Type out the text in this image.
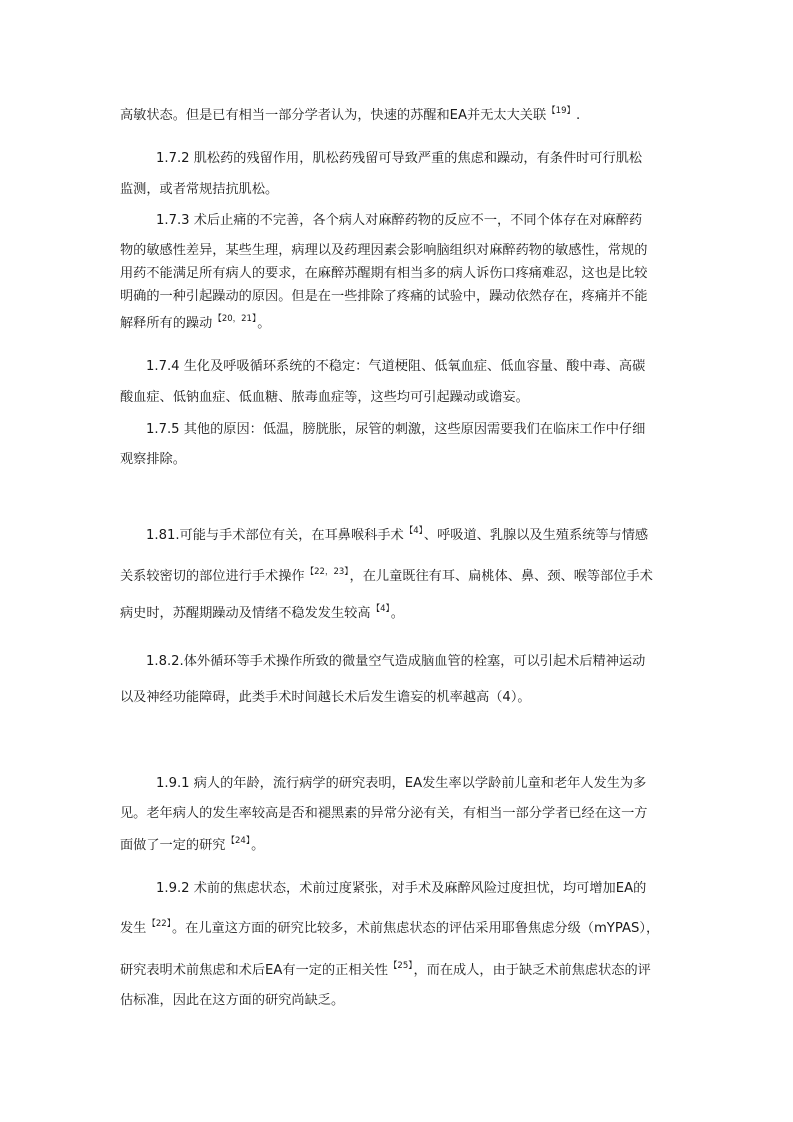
高敏状态。但是已有相当一部分学者认为，快速的苏醒和EA并无太大关联$^{【19】}$.

1.7.2 肌松药的残留作用，肌松药残留可导致严重的焦虑和躁动，有条件时可行肌松

监测，或者常规拮抗肌松。

1.7.3 术后止痛的不完善，各个病人对麻醉药物的反应不一，不同个体存在对麻醉药

物的敏感性差异，某些生理，病理以及药理因素会影响脑组织对麻醉药物的敏感性，常规的

用药不能满足所有病人的要求，在麻醉苏醒期有相当多的病人诉伤口疼痛难忍，这也是比较

明确的一种引起躁动的原因。但是在一些排除了疼痛的试验中，躁动依然存在，疼痛并不能

解释所有的躁动$^{【20,21】}$。

1.7.4 生化及呼吸循环系统的不稳定：气道梗阻、低氧血症、低血容量、酸中毒、高碳

酸血症、低钠血症、低血糖、脓毒血症等，这些均可引起躁动或谵妄。

1.7.5 其他的原因：低温，膀胱胀，尿管的刺激，这些原因需要我们在临床工作中仔细

观察排除。

1.81.可能与手术部位有关，在耳鼻喉科手术$^{【4】}$、呼吸道、乳腺以及生殖系统等与情感

关系较密切的部位进行手术操作$^{【22,23】}$，在儿童既往有耳、扁桃体、鼻、颈、喉等部位手术

病史时，苏醒期躁动及情绪不稳发发生较高$^{【4】}$。

1.8.2.体外循环等手术操作所致的微量空气造成脑血管的栓塞，可以引起术后精神运动

以及神经功能障碍，此类手术时间越长术后发生谵妄的机率越高（4）。

1.9.1 病人的年龄，流行病学的研究表明，EA发生率以学龄前儿童和老年人发生为多

见。老年病人的发生率较高是否和褪黑素的异常分泌有关，有相当一部分学者已经在这一方

面做了一定的研究$^{【24】}$。

1.9.2 术前的焦虑状态，术前过度紧张，对手术及麻醉风险过度担忧，均可增加EA的

发生$^{【22】}$。在儿童这方面的研究比较多，术前焦虑状态的评估采用耶鲁焦虑分级（mYPAS），

研究表明术前焦虑和术后EA有一定的正相关性$^{【25】}$，而在成人，由于缺乏术前焦虑状态的评

估标准，因此在这方面的研究尚缺乏。
